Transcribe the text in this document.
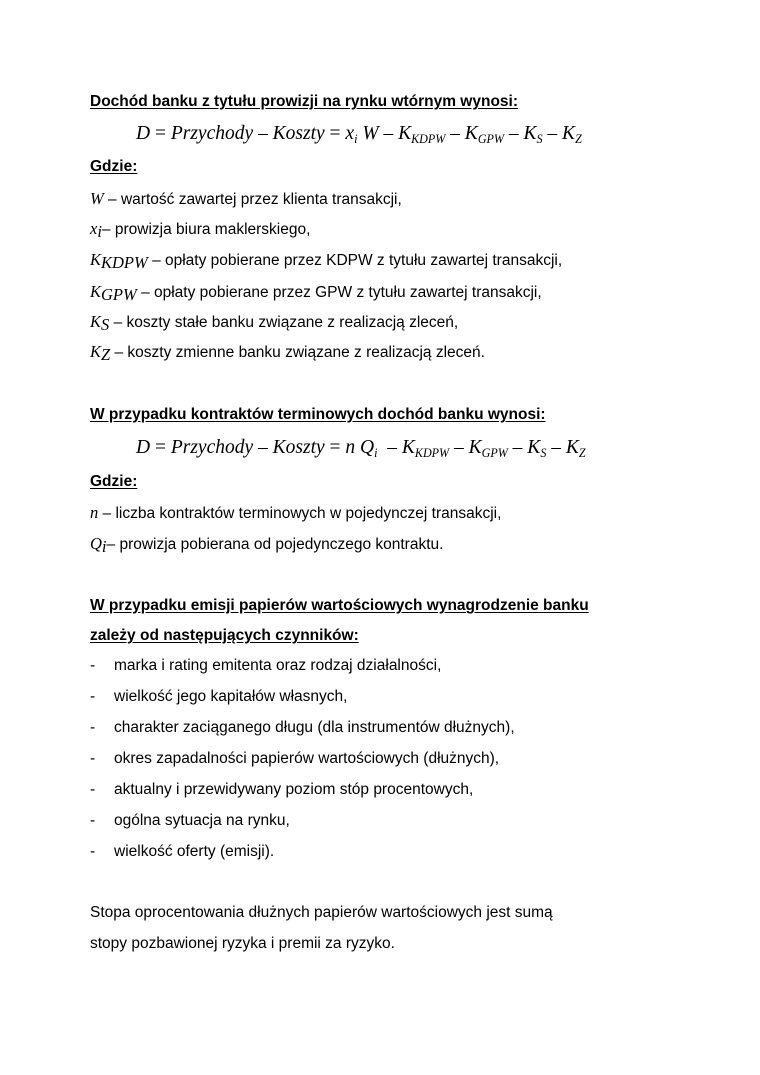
Dochód banku z tytułu prowizji na rynku wtórnym wynosi:
D = Przychody – Koszty = $x_i$ W – $K_{KDPW} - K_{GPW} - K_S - K_Z$
Gdzie:
W – wartość zawartej przez klienta transakcji,
$x_i-$ prowizja biura maklerskiego,
$K_{KDPW}$ – opłaty pobierane przez KDPW z tytułu zawartej transakcji,
$K_{GPW}$ – opłaty pobierane przez GPW z tytułu zawartej transakcji,
$K_S$ – koszty stałe banku związane z realizacją zleceń,
$K_Z$ – koszty zmienne banku związane z realizacją zleceń.
W przypadku kontraktów terminowych dochód banku wynosi:
D = Przychody – Koszty = n $Q_i - K_{KDPW} - K_{GPW} - K_S - K_Z$
Gdzie:
n – liczba kontraktów terminowych w pojedynczej transakcji,
$Q_i-$ prowizja pobierana od pojedynczego kontraktu.
W przypadku emisji papierów wartościowych wynagrodzenie banku
zależy od następujących czynników:
- marka i rating emitenta oraz rodzaj działalności,
- wielkość jego kapitałów własnych,
- charakter zaciąganego długu (dla instrumentów dłużnych),
- okres zapadalności papierów wartościowych (dłużnych),
- aktualny i przewidywany poziom stóp procentowych,
- ogólna sytuacja na rynku,
- wielkość oferty (emisji).
Stopa oprocentowania dłużnych papierów wartościowych jest sumą
stopy pozbawionej ryzyka i premii za ryzyko.
